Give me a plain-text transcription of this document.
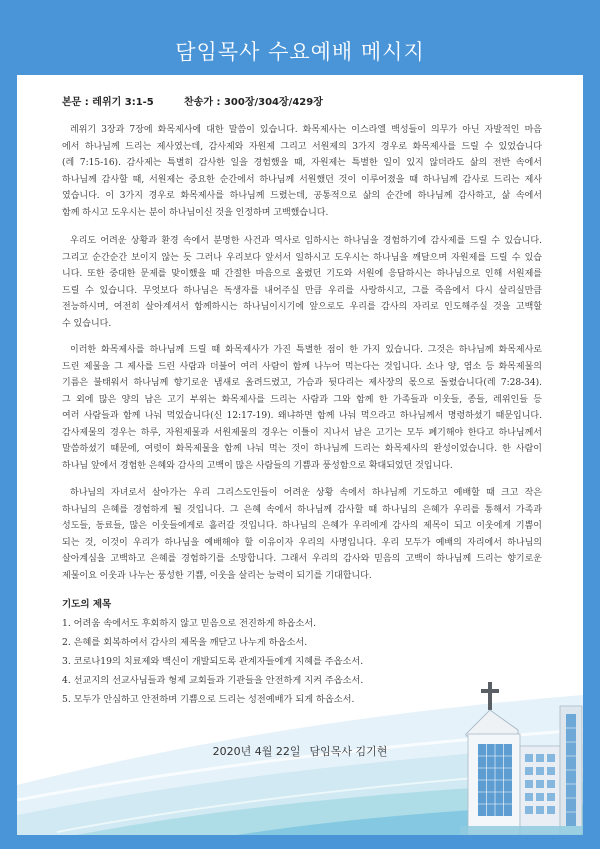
담임목사 수요예배 메시지
본문 : 레위기 3:1-5	찬송가 : 300장/304장/429장
레위기 3장과 7장에 화목제사에 대한 말씀이 있습니다. 화목제사는 이스라엘 백성들이 의무가 아닌 자발적인 마음
에서 하나님께 드리는 제사였는데, 감사제와 자원제 그리고 서원제의 3가지 경우로 화목제사를 드릴 수 있었습니다
(레 7:15-16). 감사제는 특별히 감사한 일을 경험했을 때, 자원제는 특별한 일이 있지 않더라도 삶의 전반 속에서
하나님께 감사할 때, 서원제는 중요한 순간에서 하나님께 서원했던 것이 이루어졌을 때 하나님께 감사로 드리는 제사
였습니다. 이 3가지 경우로 화목제사를 하나님께 드렸는데, 공통적으로 삶의 순간에 하나님께 감사하고, 삶 속에서
함께 하시고 도우시는 분이 하나님이신 것을 인정하며 고백했습니다.
우리도 어려운 상황과 환경 속에서 분명한 사건과 역사로 임하시는 하나님을 경험하기에 감사제를 드릴 수 있습니다.
그리고 순간순간 보이지 않는 듯 그러나 우리보다 앞서서 일하시고 도우시는 하나님을 깨달으며 자원제를 드릴 수 있습
니다. 또한 중대한 문제를 맞이했을 때 간절한 마음으로 올렸던 기도와 서원에 응답하시는 하나님으로 인해 서원제를
드릴 수 있습니다. 무엇보다 하나님은 독생자를 내어주실 만큼 우리를 사랑하시고, 그를 죽음에서 다시 살리실만큼
전능하시며, 여전히 살아계셔서 함께하시는 하나님이시기에 앞으로도 우리를 감사의 자리로 인도해주실 것을 고백할
수 있습니다.
이러한 화목제사를 하나님께 드릴 때 화목제사가 가진 특별한 점이 한 가지 있습니다. 그것은 하나님께 화목제사로
드린 제물을 그 제사를 드린 사람과 더불어 여러 사람이 함께 나누어 먹는다는 것입니다. 소나 양, 염소 등 화목제물의
기름은 불태워서 하나님께 향기로운 냄새로 올려드렸고, 가슴과 뒷다리는 제사장의 몫으로 돌렸습니다(레 7:28-34).
그 외에 많은 양의 남은 고기 부위는 화목제사를 드리는 사람과 그와 함께 한 가족들과 이웃들, 종들, 레위인들 등
여러 사람들과 함께 나눠 먹었습니다(신 12:17-19). 왜냐하면 함께 나눠 먹으라고 하나님께서 명령하셨기 때문입니다.
감사제물의 경우는 하루, 자원제물과 서원제물의 경우는 이틀이 지나서 남은 고기는 모두 폐기해야 한다고 하나님께서
말씀하셨기 때문에, 여럿이 화목제물을 함께 나눠 먹는 것이 하나님께 드리는 화목제사의 완성이었습니다. 한 사람이
하나님 앞에서 경험한 은혜와 감사의 고백이 많은 사람들의 기쁨과 풍성함으로 확대되었던 것입니다.
하나님의 자녀로서 살아가는 우리 그리스도인들이 어려운 상황 속에서 하나님께 기도하고 예배할 때 크고 작은
하나님의 은혜를 경험하게 될 것입니다. 그 은혜 속에서 하나님께 감사할 때 하나님의 은혜가 우리를 통해서 가족과
성도들, 동료들, 많은 이웃들에게로 흘러갈 것입니다. 하나님의 은혜가 우리에게 감사의 제목이 되고 이웃에게 기쁨이
되는 것, 이것이 우리가 하나님을 예배해야 할 이유이자 우리의 사명입니다. 우리 모두가 예배의 자리에서 하나님의
살아계심을 고백하고 은혜를 경험하기를 소망합니다. 그래서 우리의 감사와 믿음의 고백이 하나님께 드리는 향기로운
제물이요 이웃과 나누는 풍성한 기쁨, 이웃을 살리는 능력이 되기를 기대합니다.
기도의 제목
1. 어려움 속에서도 후회하지 않고 믿음으로 전진하게 하옵소서.
2. 은혜를 회복하여서 감사의 제목을 깨닫고 나누게 하옵소서.
3. 코로나19의 치료제와 백신이 개발되도록 관계자들에게 지혜를 주옵소서.
4. 선교지의 선교사님들과 형제 교회들과 기관들을 안전하게 지켜 주옵소서.
5. 모두가 안심하고 안전하며 기쁨으로 드리는 성전예배가 되게 하옵소서.
2020년 4월 22일 담임목사 김기현
